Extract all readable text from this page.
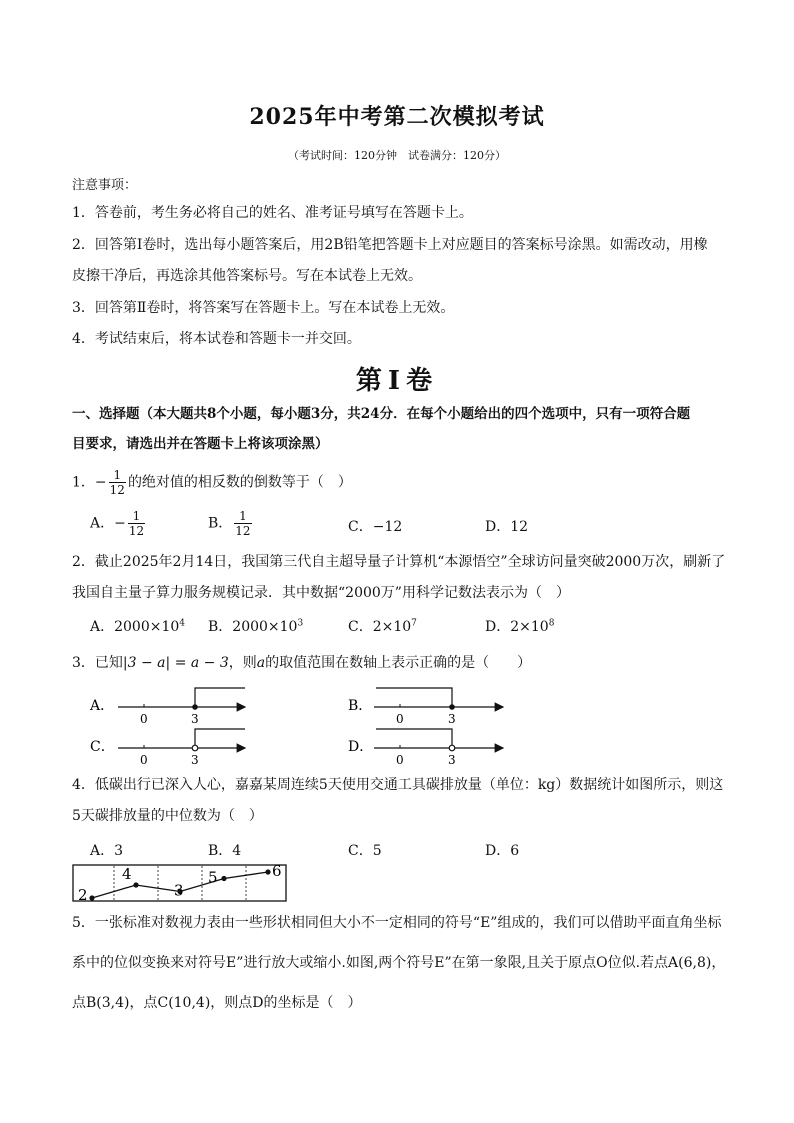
2025年中考第二次模拟考试
（考试时间：120分钟　试卷满分：120分）
注意事项：
1．答卷前，考生务必将自己的姓名、准考证号填写在答题卡上。
2．回答第Ⅰ卷时，选出每小题答案后，用2B铅笔把答题卡上对应题目的答案标号涂黑。如需改动，用橡
皮擦干净后，再选涂其他答案标号。写在本试卷上无效。
3．回答第Ⅱ卷时，将答案写在答题卡上。写在本试卷上无效。
4．考试结束后，将本试卷和答题卡一并交回。
第Ⅰ卷
一、选择题（本大题共8个小题，每小题3分，共24分．在每个小题给出的四个选项中，只有一项符合题
目要求，请选出并在答题卡上将该项涂黑）
1．− $\frac{1}{12}$ 的绝对值的相反数的倒数等于（　）
A．− $\frac{1}{12}$	B． $\frac{1}{12}$	C．−12	D．12
2．截止2025年2月14日，我国第三代自主超导量子计算机“本源悟空”全球访问量突破2000万次，刷新了
我国自主量子算力服务规模记录．其中数据“2000万”用科学记数法表示为（　）
A．$2000\times 10^4$ B．$2000\times 10^3$	C．$2\times 10^7$	D．$2\times 10^8$
3．已知|3 − a| = a − 3，则a的取值范围在数轴上表示正确的是（　　）
A．
0	3
B．
0	3
C．
0	3
D．
0	3
4．低碳出行已深入人心，嘉嘉某周连续5天使用交通工具碳排放量（单位：kg）数据统计如图所示，则这
5天碳排放量的中位数为（　）
A．3	B．4	C．5	D．6
2
4
3
5	6
5．一张标准对数视力表由一些形状相同但大小不一定相同的符号“E”组成的，我们可以借助平面直角坐标
系中的位似变换来对符号E”进行放大或缩小.如图,两个符号E”在第一象限,且关于原点O位似.若点A(6,8)，
点B(3,4)，点C(10,4)，则点D的坐标是（　）
